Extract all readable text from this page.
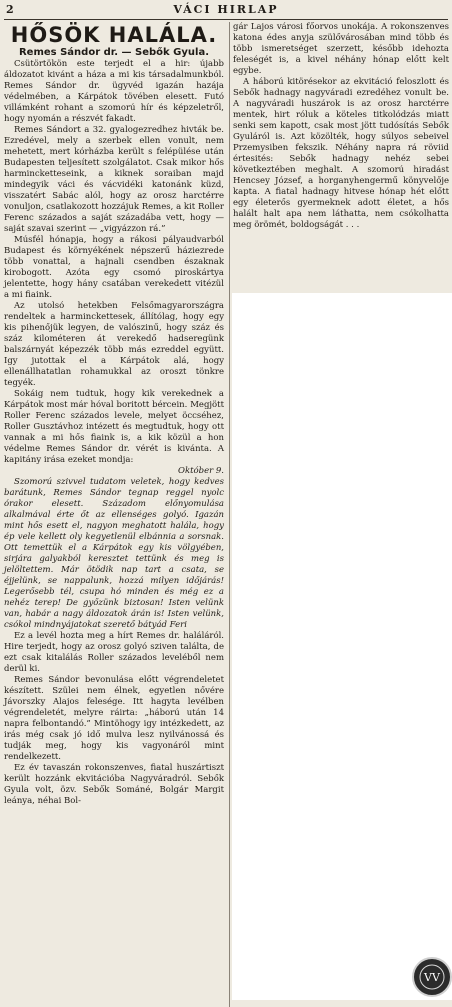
2	VÁCI HIRLAP

HŐSÖK HALÁLA.

Remes Sándor dr. — Sebők Gyula.

Csütörtökön este terjedt el a hir: újabb áldozatot kivánt a háza a mi kis társadalmunkból. Remes Sándor dr. ügyvéd igazán hazája védelmében, a Kárpátok tövében elesett. Futó villámként rohant a szomorú hír és képzeletről, hogy nyomán a részvét fakadt.

Remes Sándort a 32. gyalogezredhez hivták be. Ezredével, mely a szerbek ellen vonult, nem mehetett, mert kórházba került s felépülése után Budapesten teljesített szolgálatot. Csak mikor hős harmincketteseink, a kiknek soraiban majd mindegyik váci és vácvidéki katonánk küzd, visszatért Sabác alól, hogy az orosz harctérre vonuljon, csatlakozott hozzájuk Remes, a kit Roller Ferenc százados a saját századába vett, hogy — saját szavai szerint — „vigyázzon rá.”

Músfél hónapja, hogy a rákosi pályaudvarból Budapest és környékének népszerű háziezrede több vonattal, a hajnali csendben északnak kirobogott. Azóta egy csomó piroskártya jelentette, hogy hány csatában verekedett vitézül a mi fiaink.

Az utolsó hetekben Felsőmagyarországra rendeltek a harminckettesek, állítólag, hogy egy kis pihenőjük legyen, de valószinű, hogy száz és száz kilométeren át verekedő hadseregünk balszárnyát képezzék több más ezreddel együtt. Igy jutottak el a Kárpátok alá, hogy ellenállhatatlan rohamukkal az oroszt tönkre tegyék.

Sokáig nem tudtuk, hogy kik verekednek a Kárpátok most már hóval boritott bércein. Megjött Roller Ferenc százados levele, melyet öccséhez, Roller Gusztávhoz intézett és megtudtuk, hogy ott vannak a mi hős fiaink is, a kik közül a hon védelme Remes Sándor dr. vérét is kivánta. A kapitány irása ezeket mondja:

Október 9.

Szomorú szivvel tudatom veletek, hogy kedves barátunk, Remes Sándor tegnap reggel nyolc órakor elesett. Századom előnyomulása alkalmával érte őt az ellenséges golyó. Igazán mint hős esett el, nagyon meghatott halála, hogy ép vele kellett oly kegyetlenül elbánnia a sorsnak. Ott temettük el a Kárpátok egy kis völgyében, sirjára galyakból keresztet tettünk és meg is jelöltettem. Már ötödik nap tart a csata, se éjjelünk, se nappalunk, hozzá milyen időjárás! Legerősebb tél, csupa hó minden és még ez a nehéz terep! De győzünk biztosan! Isten velünk van, habár a nagy áldozatok árán is! Isten velünk, csókol mindnyájatokat szerető bátyád Feri

Ez a levél hozta meg a hírt Remes dr. haláláról. Hire terjedt, hogy az orosz golyó sziven találta, de ezt csak kitalálás Roller százados leveléből nem derül ki.

Remes Sándor bevonulása előtt végrendeletet készített. Szülei nem élnek, egyetlen nővére Jávorszky Alajos felesége. Itt hagyta levélben végrendeletét, melyre ráirta: „háború után 14 napra felbontandó.” Mintöhogy igy intézkedett, az irás még csak jó idő mulva lesz nyilvánossá és tudják meg, hogy kis vagyonáról mint rendelkezett.

Ez év tavaszán rokonszenves, fiatal huszártiszt került hozzánk ekvitációba Nagyváradról. Sebők Gyula volt, özv. Sebők Sománé, Bolgár Margit leánya, néhai Bol-

gár Lajos városi főorvos unokája. A rokonszenves katona édes anyja szülővárosában mind több és több ismeretséget szerzett, később idehozta feleségét is, a kivel néhány hónap előtt kelt egybe.

A háború kitörésekor az ekvitáció feloszlott és Sebők hadnagy nagyváradi ezredéhez vonult be. A nagyváradi huszárok is az orosz harctérre mentek, hirt róluk a köteles titkolódzás miatt senki sem kapott, csak most jött tudósítás Sebők Gyuláról is. Azt közölték, hogy súlyos sebeivel Przemysiben fekszik. Néhány napra rá röviid értesités: Sebők hadnagy nehéz sebei következtében meghalt. A szomorú hiradást Hencsey József, a horganyhengermű könyvelője kapta. A fiatal hadnagy hitvese hónap hét előtt egy életerős gyermeknek adott életet, a hős halált halt apa nem láthatta, nem csókolhatta meg örömét, boldogságát . . .

VV
